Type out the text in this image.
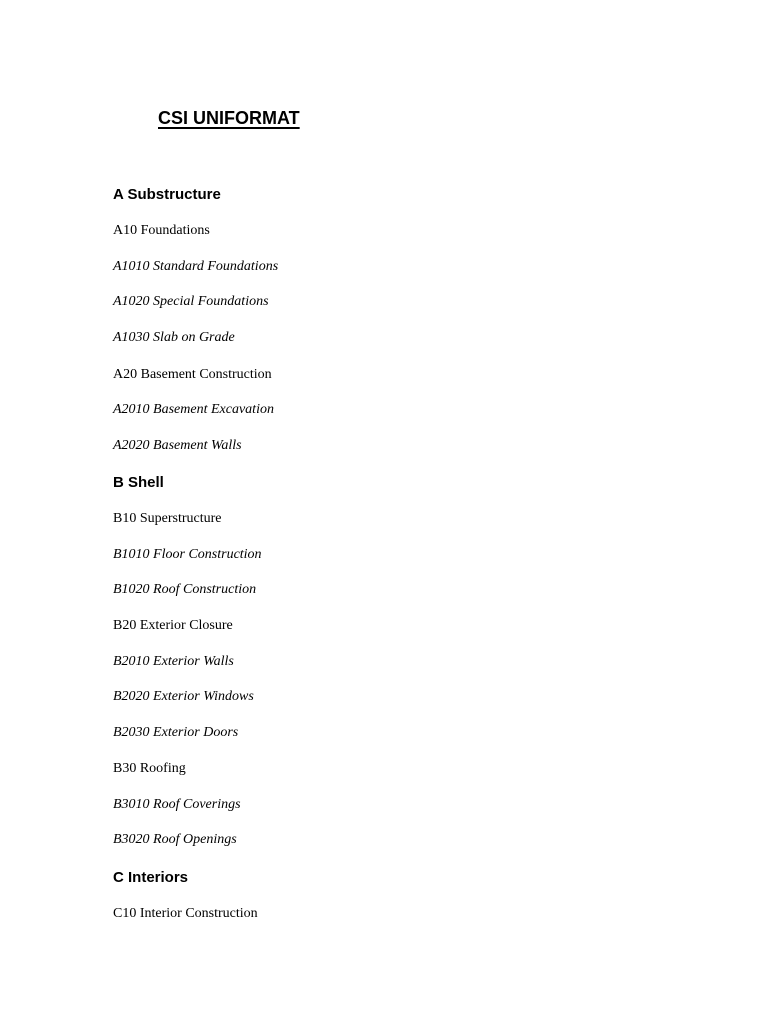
CSI UNIFORMAT
A Substructure
A10 Foundations
A1010 Standard Foundations
A1020 Special Foundations
A1030 Slab on Grade
A20 Basement Construction
A2010 Basement Excavation
A2020 Basement Walls
B Shell
B10 Superstructure
B1010 Floor Construction
B1020 Roof Construction
B20 Exterior Closure
B2010 Exterior Walls
B2020 Exterior Windows
B2030 Exterior Doors
B30 Roofing
B3010 Roof Coverings
B3020 Roof Openings
C Interiors
C10 Interior Construction
